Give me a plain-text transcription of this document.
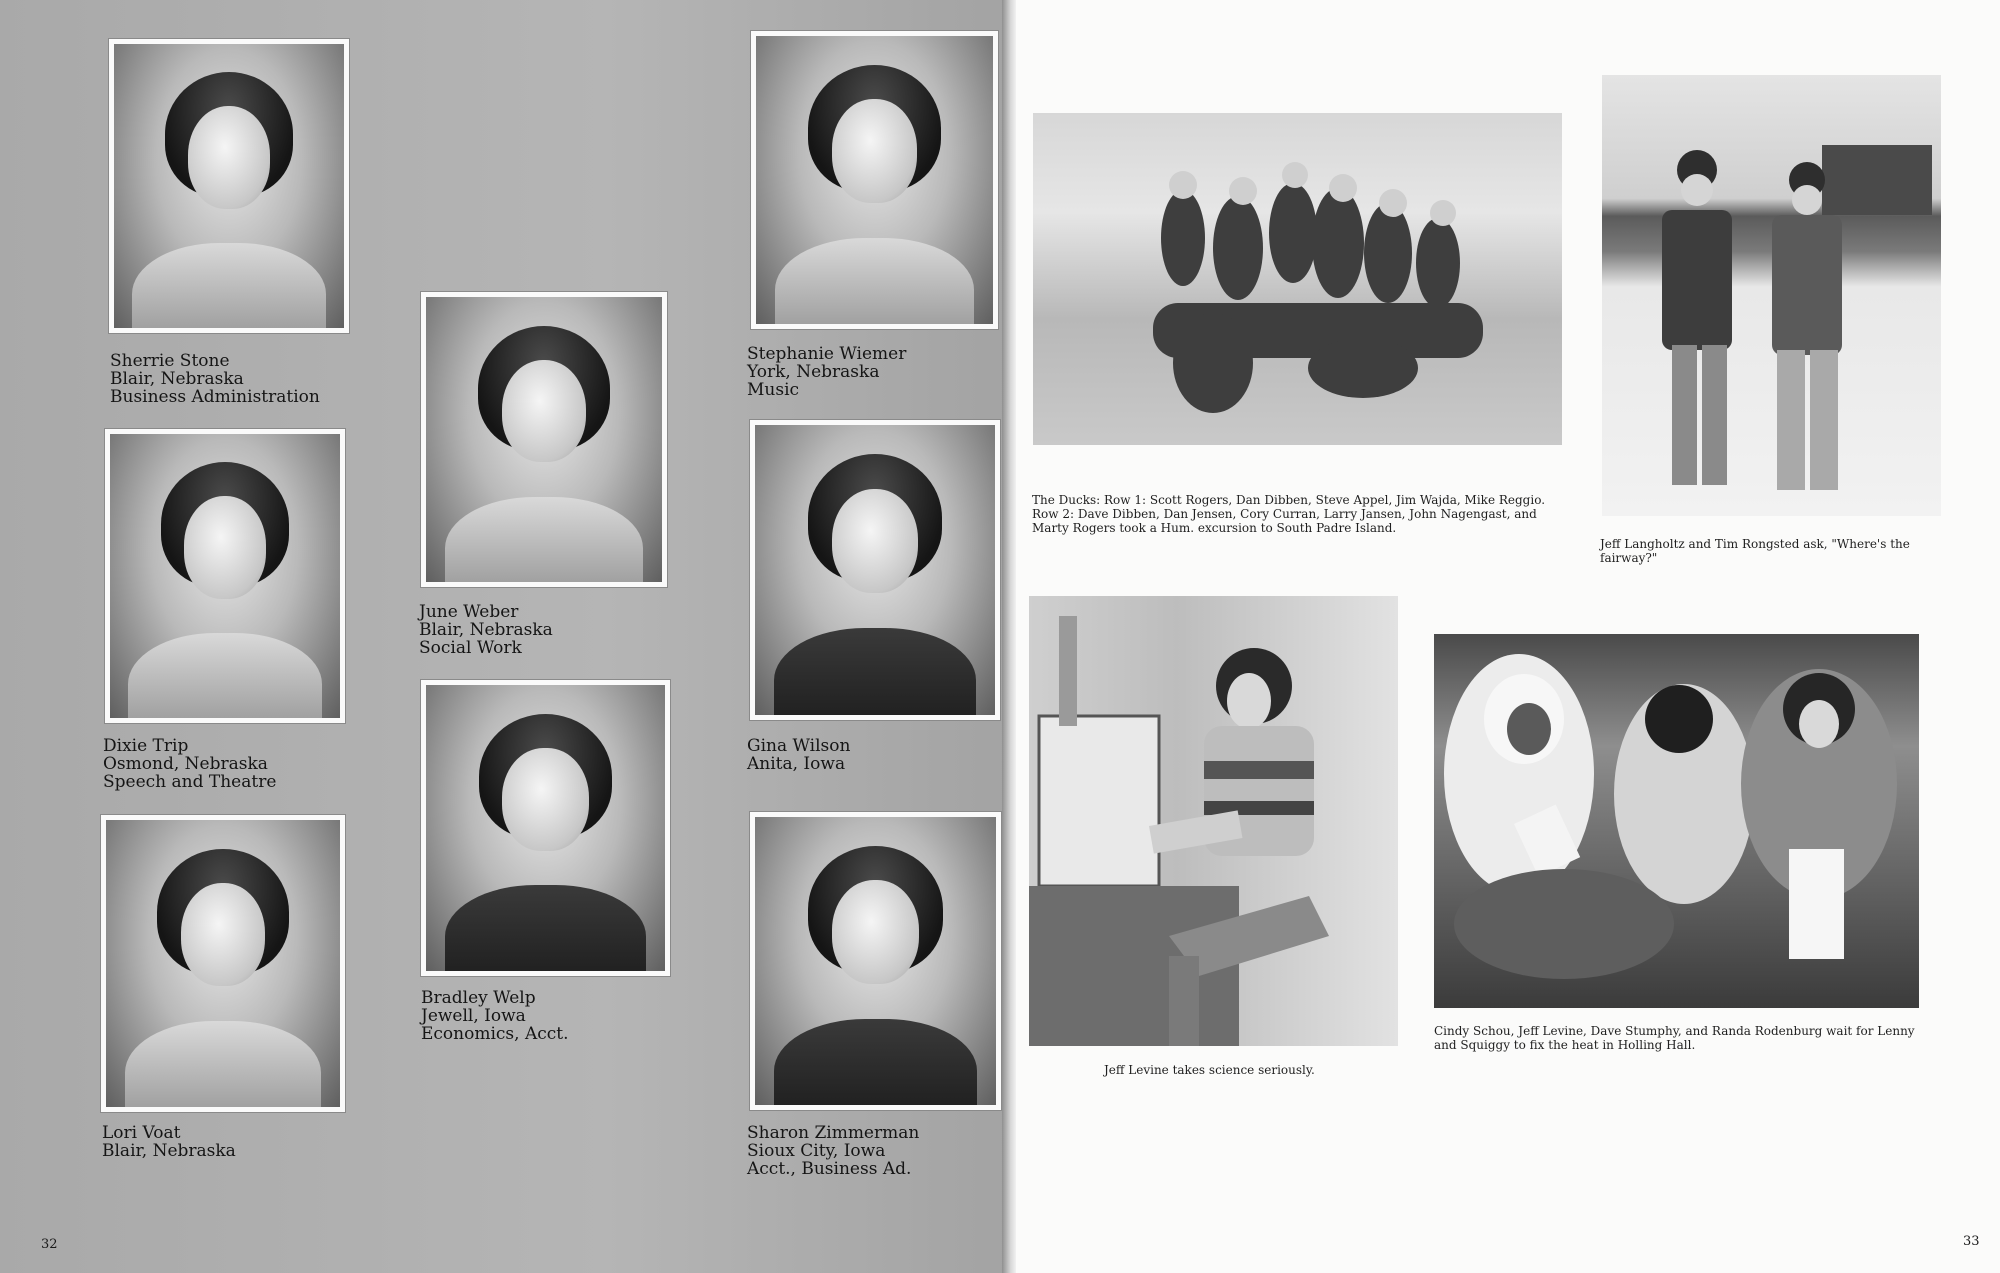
Sherrie Stone
Blair, Nebraska
Business Administration
Dixie Trip
Osmond, Nebraska
Speech and Theatre
Lori Voat
Blair, Nebraska
June Weber
Blair, Nebraska
Social Work
Bradley Welp
Jewell, Iowa
Economics, Acct.
Stephanie Wiemer
York, Nebraska
Music
Gina Wilson
Anita, Iowa
Sharon Zimmerman
Sioux City, Iowa
Acct., Business Ad.
32
The Ducks: Row 1: Scott Rogers, Dan Dibben, Steve Appel, Jim Wajda, Mike Reggio.
Row 2: Dave Dibben, Dan Jensen, Cory Curran, Larry Jansen, John Nagengast, and
Marty Rogers took a Hum. excursion to South Padre Island.
Jeff Langholtz and Tim Rongsted ask, "Where's the
fairway?"
Jeff Levine takes science seriously.
Cindy Schou, Jeff Levine, Dave Stumphy, and Randa Rodenburg wait for Lenny
and Squiggy to fix the heat in Holling Hall.
33
